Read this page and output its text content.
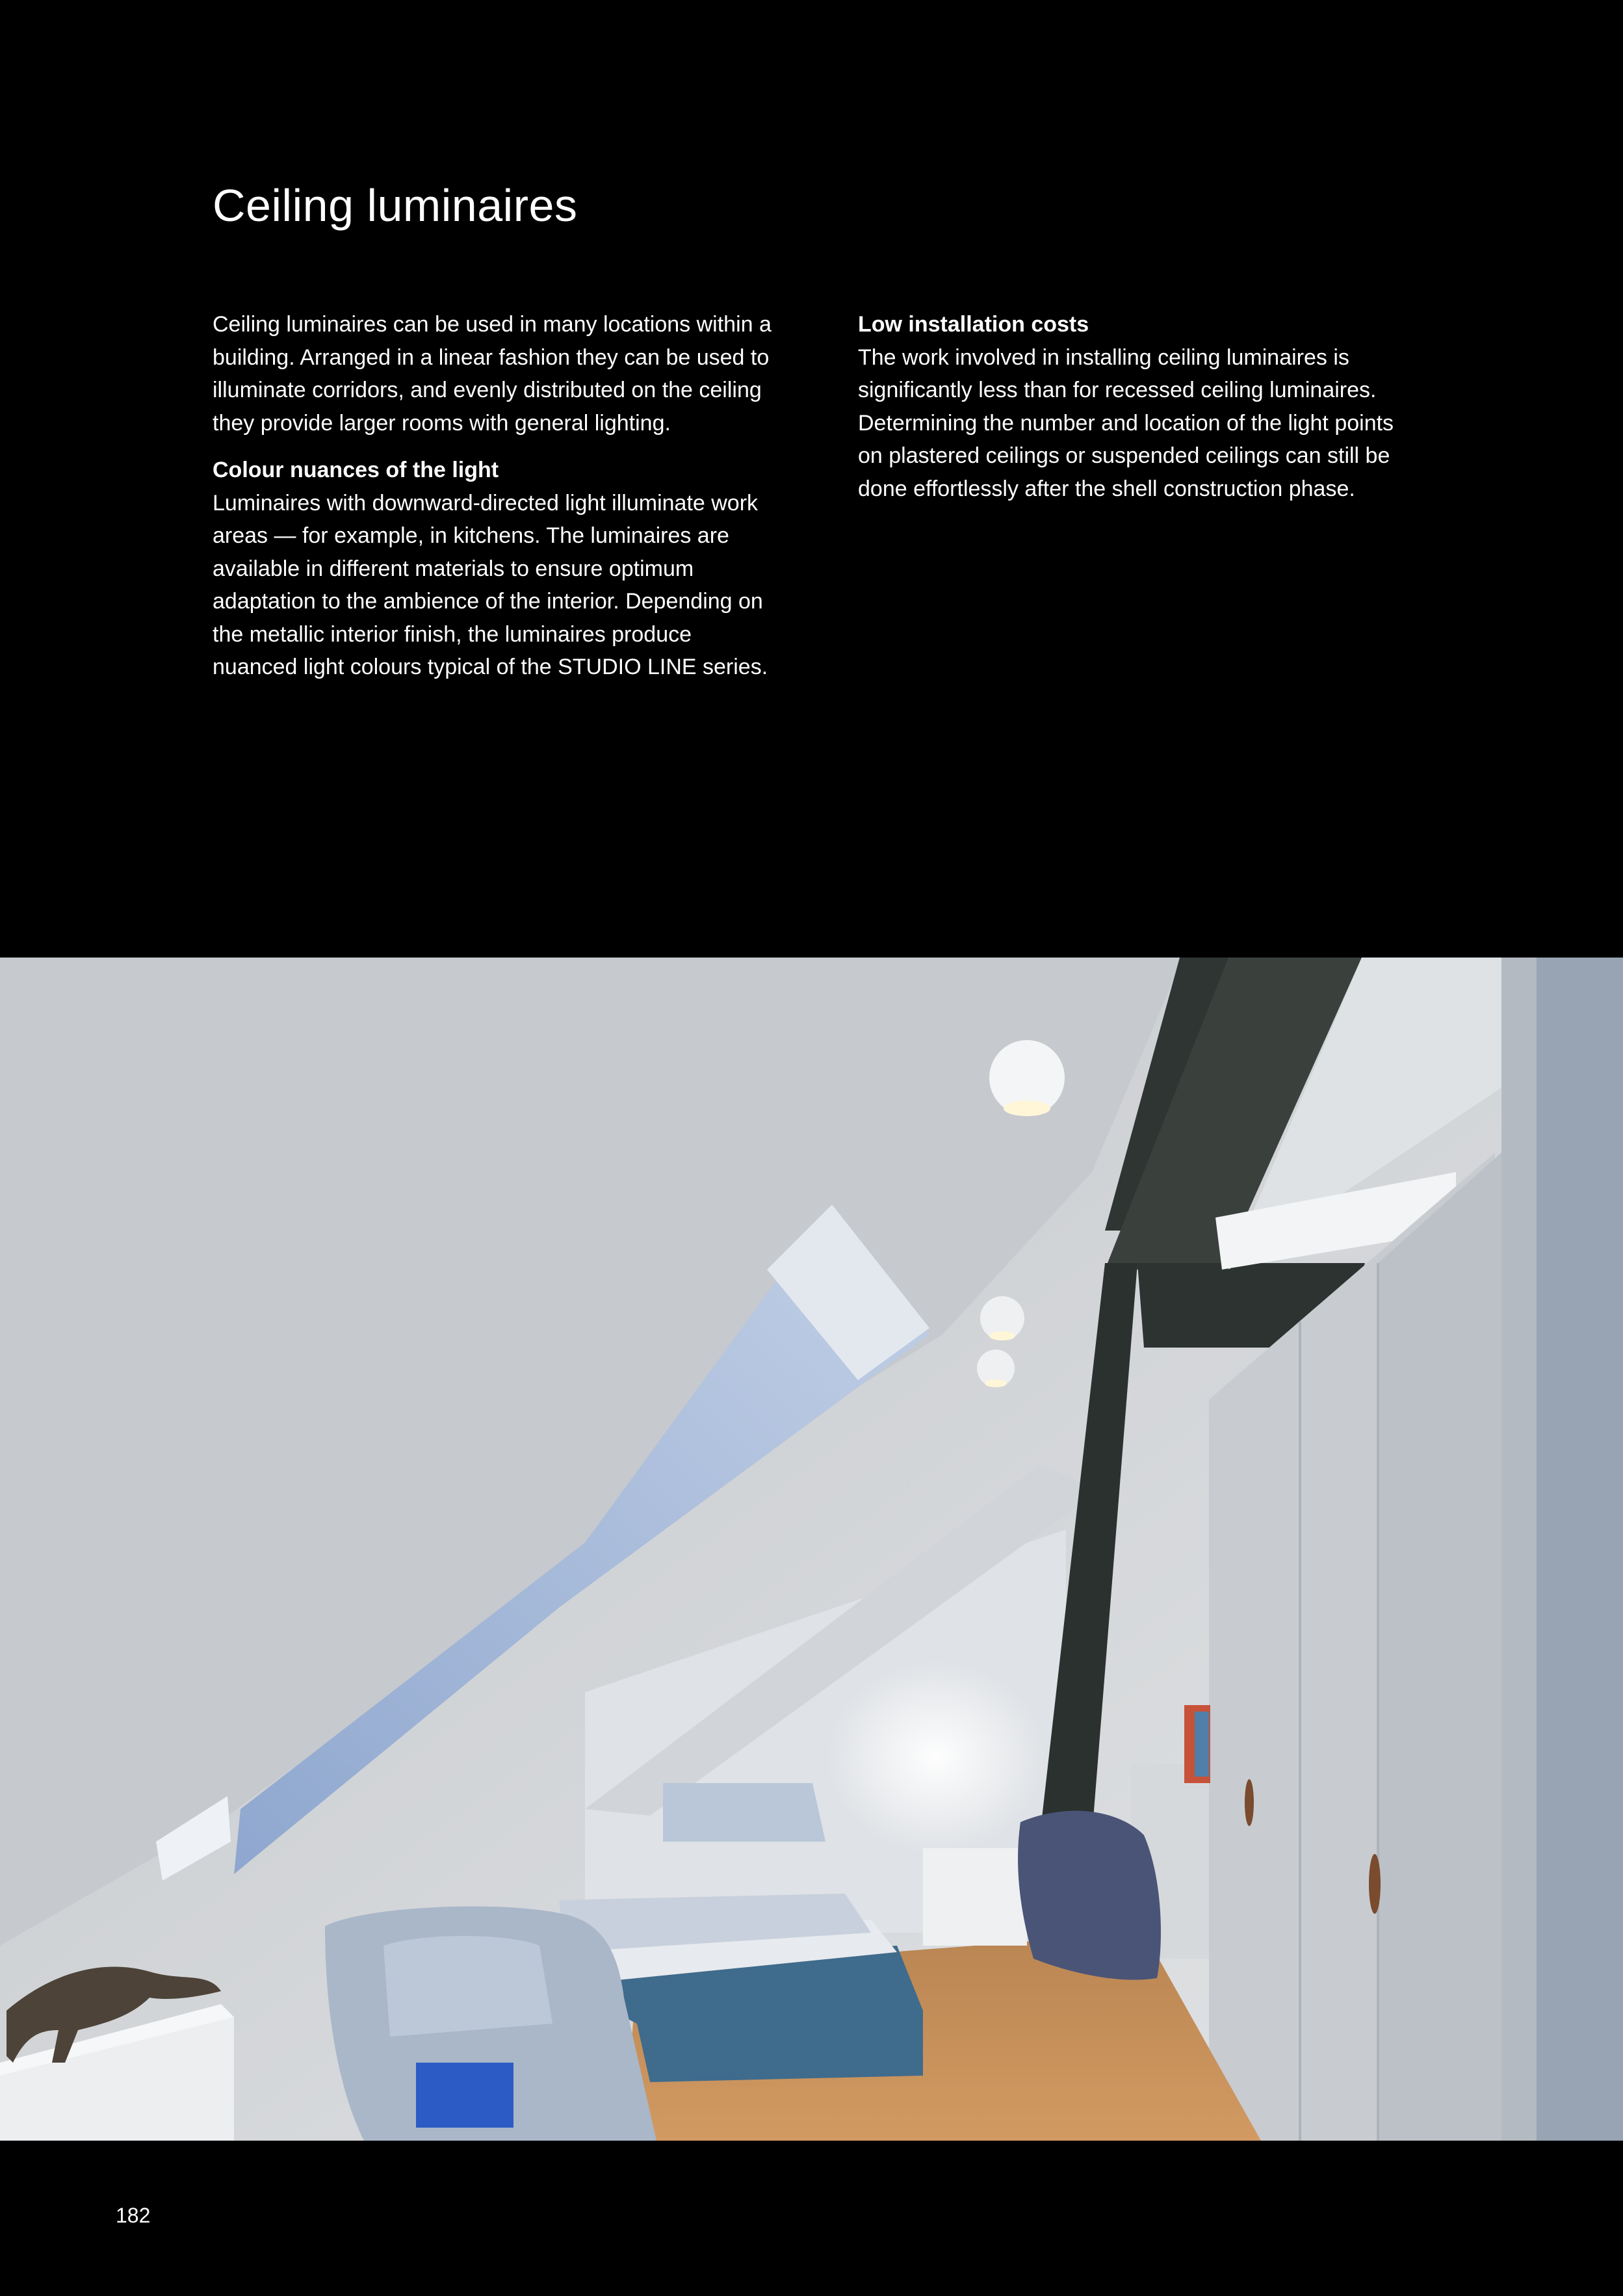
Ceiling luminaires

Ceiling luminaires can be used in many locations within a building. Arranged in a linear fashion they can be used to illuminate corridors, and evenly distributed on the ceiling they provide larger rooms with general lighting.

Colour nuances of the light

Luminaires with downward-directed light illuminate work areas — for example, in kitchens. The luminaires are available in different materials to ensure optimum adaptation to the ambience of the interior. Depending on the metallic interior finish, the luminaires produce nuanced light colours typical of the STUDIO LINE series.

Low installation costs

The work involved in installing ceiling luminaires is significantly less than for recessed ceiling luminaires. Determining the number and location of the light points on plastered ceilings or suspended ceilings can still be done effortlessly after the shell construction phase.

182
